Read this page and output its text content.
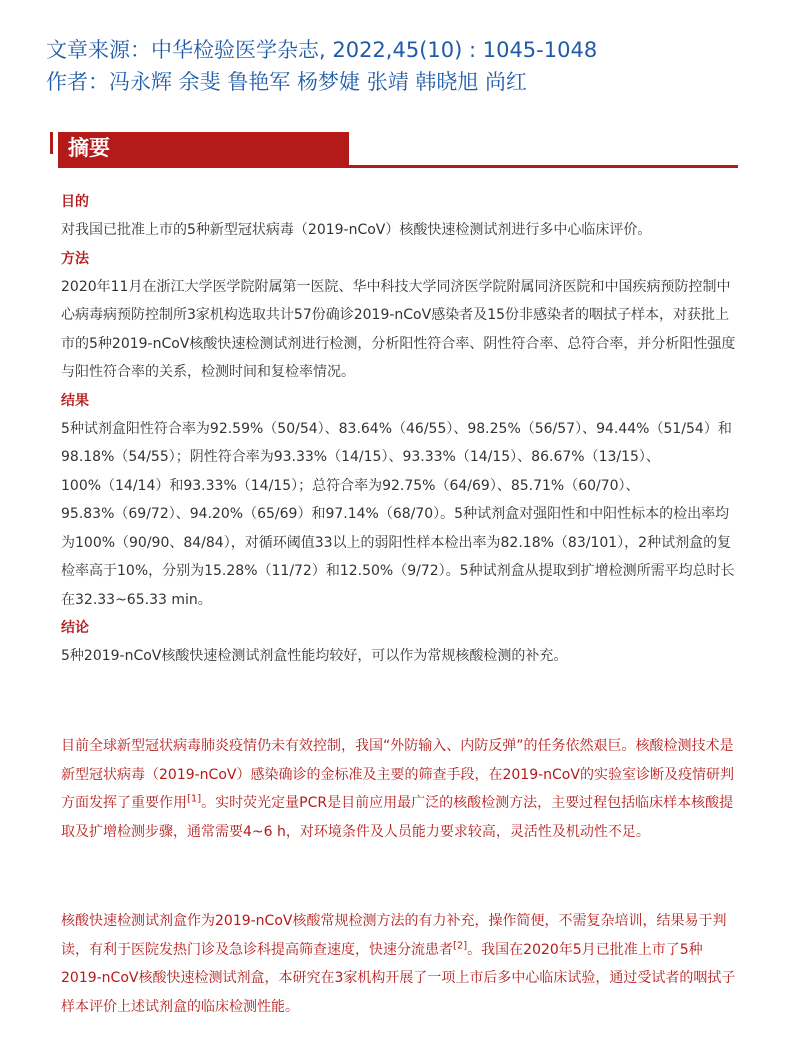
文章来源：中华检验医学杂志, 2022,45(10) : 1045-1048
作者：冯永辉 余斐 鲁艳军 杨梦婕 张靖 韩晓旭 尚红
摘要
目的

对我国已批准上市的5种新型冠状病毒（2019-nCoV）核酸快速检测试剂进行多中心临床评价。

方法

2020年11月在浙江大学医学院附属第一医院、华中科技大学同济医学院附属同济医院和中国疾病预防控制中心病毒病预防控制所3家机构选取共计57份确诊2019-nCoV感染者及15份非感染者的咽拭子样本，对获批上市的5种2019-nCoV核酸快速检测试剂进行检测，分析阳性符合率、阴性符合率、总符合率，并分析阳性强度与阳性符合率的关系，检测时间和复检率情况。

结果

5种试剂盒阳性符合率为92.59%（50/54）、83.64%（46/55）、98.25%（56/57）、94.44%（51/54）和98.18%（54/55）；阴性符合率为93.33%（14/15）、93.33%（14/15）、86.67%（13/15）、100%（14/14）和93.33%（14/15）；总符合率为92.75%（64/69）、85.71%（60/70）、95.83%（69/72）、94.20%（65/69）和97.14%（68/70）。5种试剂盒对强阳性和中阳性标本的检出率均为100%（90/90、84/84），对循环阈值33以上的弱阳性样本检出率为82.18%（83/101），2种试剂盒的复检率高于10%，分别为15.28%（11/72）和12.50%（9/72）。5种试剂盒从提取到扩增检测所需平均总时长在32.33~65.33 min。

结论

5种2019-nCoV核酸快速检测试剂盒性能均较好，可以作为常规核酸检测的补充。

目前全球新型冠状病毒肺炎疫情仍未有效控制，我国“外防输入、内防反弹”的任务依然艰巨。核酸检测技术是新型冠状病毒（2019-nCoV）感染确诊的金标准及主要的筛查手段，在2019-nCoV的实验室诊断及疫情研判方面发挥了重要作用[1]。实时荧光定量PCR是目前应用最广泛的核酸检测方法，主要过程包括临床样本核酸提取及扩增检测步骤，通常需要4~6 h，对环境条件及人员能力要求较高，灵活性及机动性不足。

核酸快速检测试剂盒作为2019-nCoV核酸常规检测方法的有力补充，操作简便，不需复杂培训，结果易于判读，有利于医院发热门诊及急诊科提高筛查速度，快速分流患者[2]。我国在2020年5月已批准上市了5种2019-nCoV核酸快速检测试剂盒，本研究在3家机构开展了一项上市后多中心临床试验，通过受试者的咽拭子样本评价上述试剂盒的临床检测性能。
